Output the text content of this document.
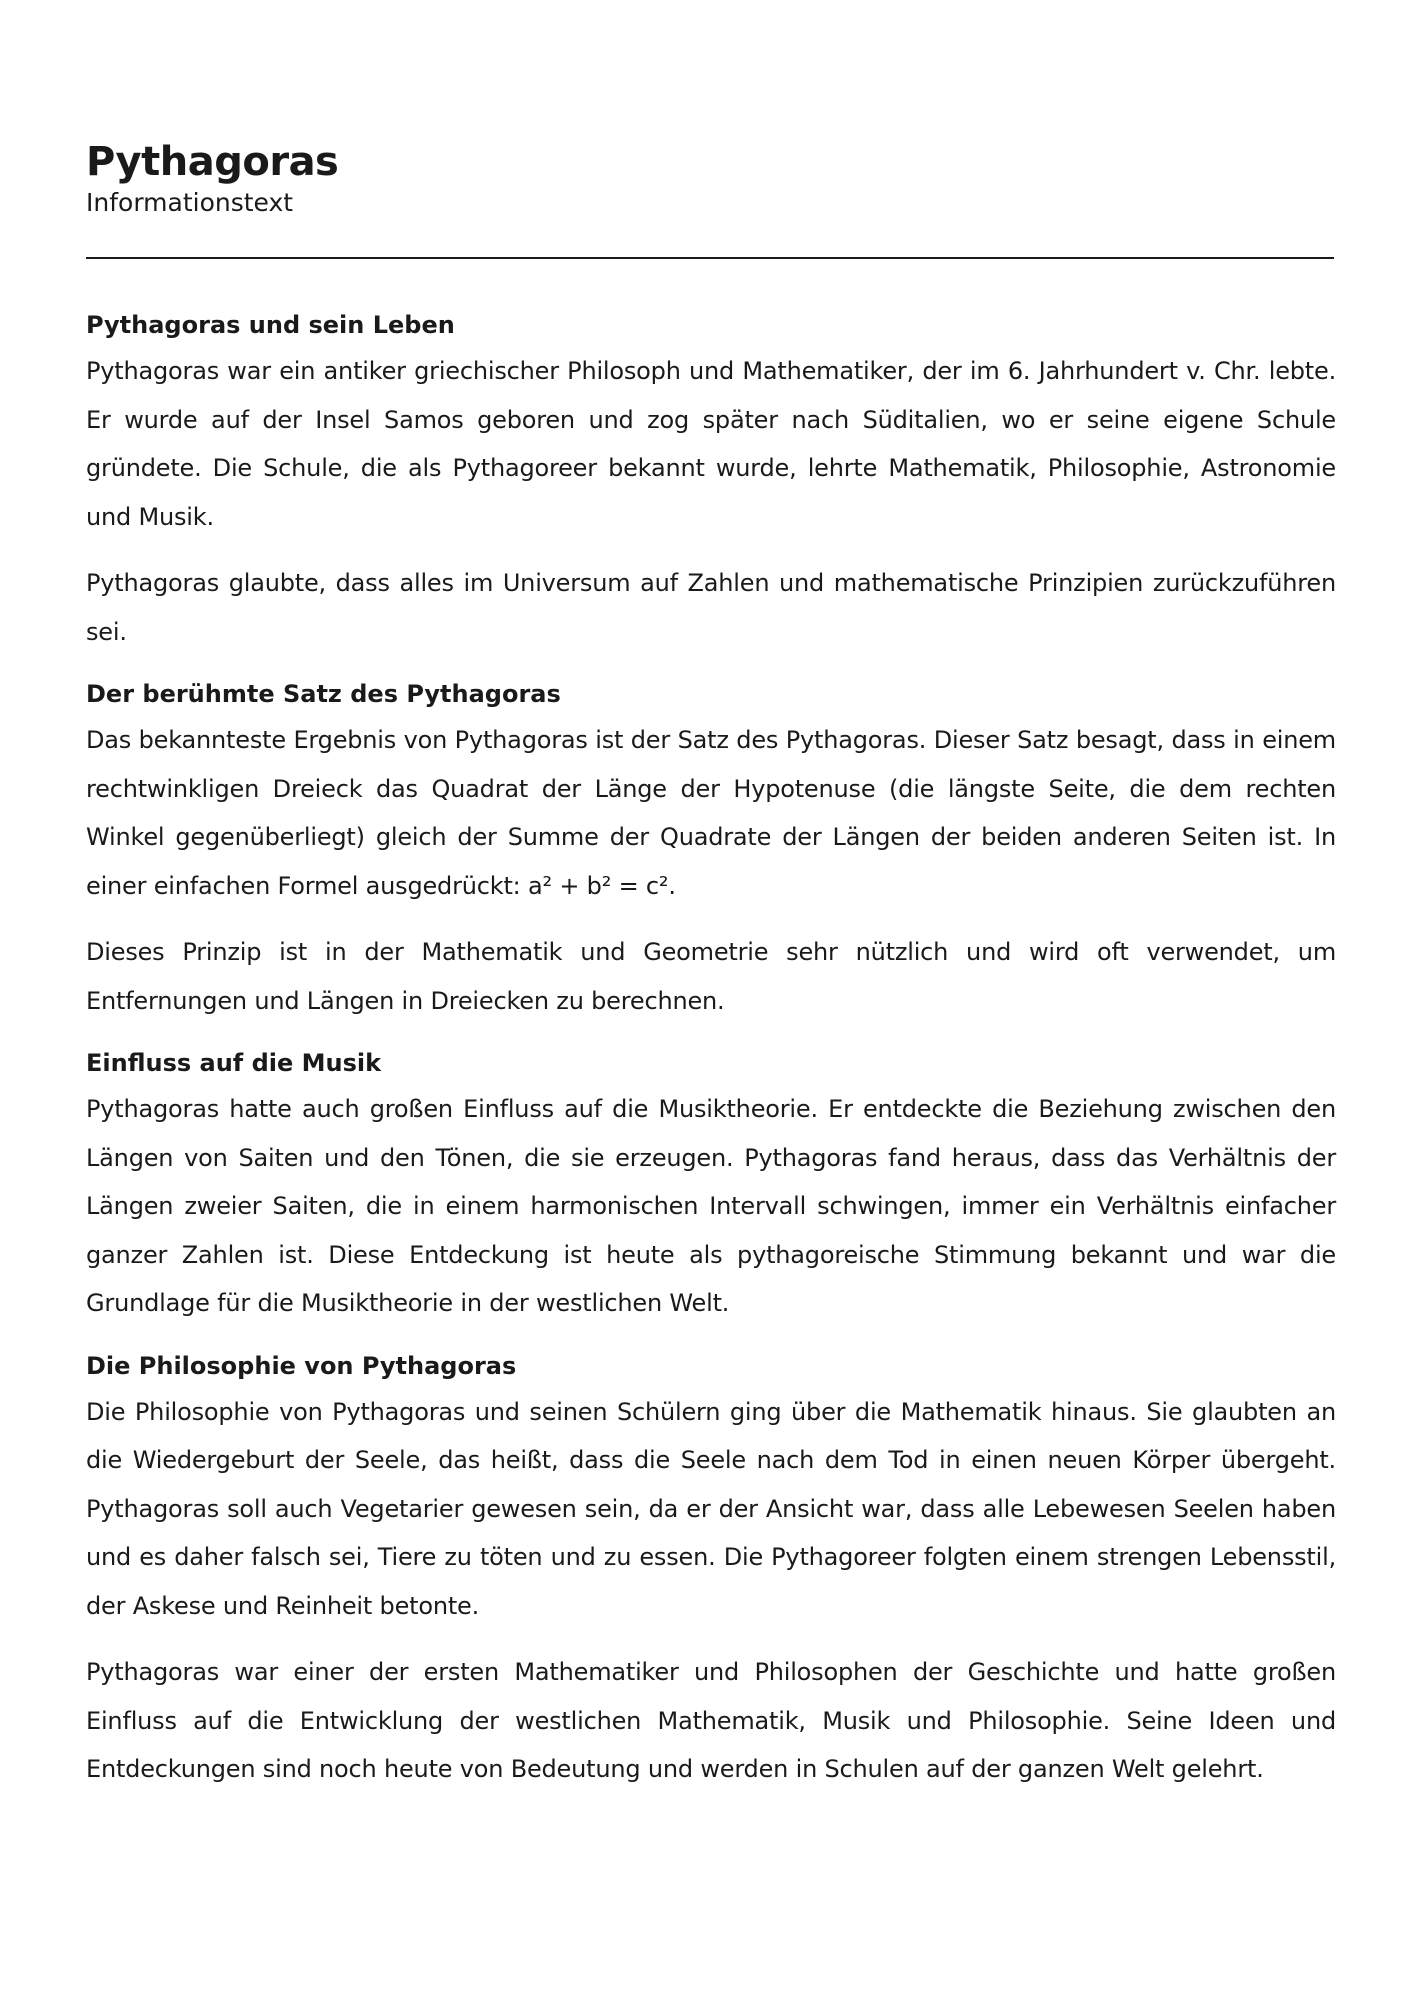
Pythagoras

Informationstext

Pythagoras und sein Leben

Pythagoras war ein antiker griechischer Philosoph und Mathematiker, der im 6. Jahrhundert v. Chr. lebte. Er wurde auf der Insel Samos geboren und zog später nach Süditalien, wo er seine eigene Schule gründete. Die Schule, die als Pythagoreer bekannt wurde, lehrte Mathematik, Philosophie, Astronomie und Musik.

Pythagoras glaubte, dass alles im Universum auf Zahlen und mathematische Prinzipien zurückzuführen sei.

Der berühmte Satz des Pythagoras

Das bekannteste Ergebnis von Pythagoras ist der Satz des Pythagoras. Dieser Satz besagt, dass in einem rechtwinkligen Dreieck das Quadrat der Länge der Hypotenuse (die längste Seite, die dem rechten Winkel gegenüberliegt) gleich der Summe der Quadrate der Längen der beiden anderen Seiten ist. In einer einfachen Formel ausgedrückt: a² + b² = c².

Dieses Prinzip ist in der Mathematik und Geometrie sehr nützlich und wird oft verwendet, um Entfernungen und Längen in Dreiecken zu berechnen.

Einfluss auf die Musik

Pythagoras hatte auch großen Einfluss auf die Musiktheorie. Er entdeckte die Beziehung zwischen den Längen von Saiten und den Tönen, die sie erzeugen. Pythagoras fand heraus, dass das Verhältnis der Längen zweier Saiten, die in einem harmonischen Intervall schwingen, immer ein Verhältnis einfacher ganzer Zahlen ist. Diese Entdeckung ist heute als pythagoreische Stimmung bekannt und war die Grundlage für die Musiktheorie in der westlichen Welt.

Die Philosophie von Pythagoras

Die Philosophie von Pythagoras und seinen Schülern ging über die Mathematik hinaus. Sie glaubten an die Wiedergeburt der Seele, das heißt, dass die Seele nach dem Tod in einen neuen Körper übergeht. Pythagoras soll auch Vegetarier gewesen sein, da er der Ansicht war, dass alle Lebewesen Seelen haben und es daher falsch sei, Tiere zu töten und zu essen. Die Pythagoreer folgten einem strengen Lebensstil, der Askese und Reinheit betonte.

Pythagoras war einer der ersten Mathematiker und Philosophen der Geschichte und hatte großen Einfluss auf die Entwicklung der westlichen Mathematik, Musik und Philosophie. Seine Ideen und Entdeckungen sind noch heute von Bedeutung und werden in Schulen auf der ganzen Welt gelehrt.
